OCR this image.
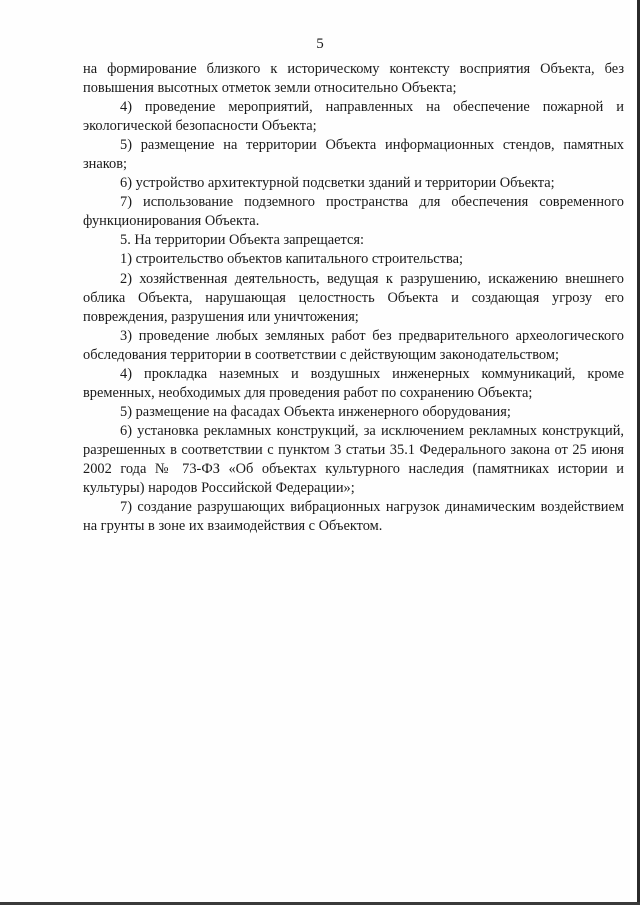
5

на формирование близкого к историческому контексту восприятия Объекта, без повышения высотных отметок земли относительно Объекта;

4) проведение мероприятий, направленных на обеспечение пожарной и экологической безопасности Объекта;

5) размещение на территории Объекта информационных стендов, памятных знаков;

6) устройство архитектурной подсветки зданий и территории Объекта;

7) использование подземного пространства для обеспечения современного функционирования Объекта.

5. На территории Объекта запрещается:

1) строительство объектов капитального строительства;

2) хозяйственная деятельность, ведущая к разрушению, искажению внешнего облика Объекта, нарушающая целостность Объекта и создающая угрозу его повреждения, разрушения или уничтожения;

3) проведение любых земляных работ без предварительного археологического обследования территории в соответствии с действующим законодательством;

4) прокладка наземных и воздушных инженерных коммуникаций, кроме временных, необходимых для проведения работ по сохранению Объекта;

5) размещение на фасадах Объекта инженерного оборудования;

6) установка рекламных конструкций, за исключением рекламных конструкций, разрешенных в соответствии с пунктом 3 статьи 35.1 Федерального закона от 25 июня 2002 года № 73-ФЗ «Об объектах культурного наследия (памятниках истории и культуры) народов Российской Федерации»;

7) создание разрушающих вибрационных нагрузок динамическим воздействием на грунты в зоне их взаимодействия с Объектом.
